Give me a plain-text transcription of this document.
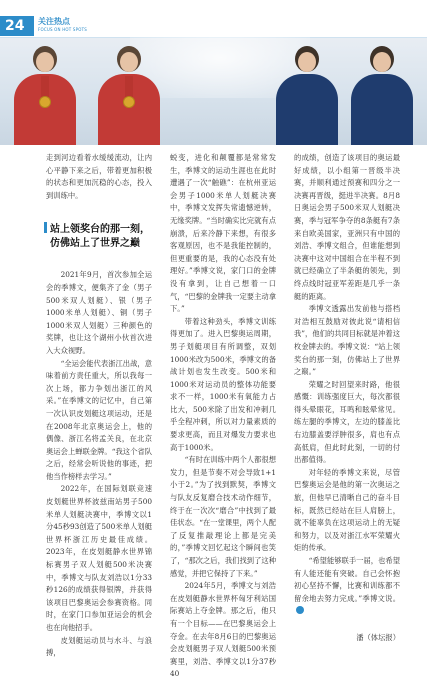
24	关注热点
FOCUS ON HOT SPOTS

走到河边看着水缓缓流动，让内心平静下来之后，带着更加积极的状态和更加沉稳的心态，投入到训练中。

站上领奖台的那一刻，
仿佛站上了世界之巅

2021年9月，首次参加全运会的季博文，便集齐了金（男子500米双人划艇）、银（男子1000米单人划艇）、铜（男子1000米双人划艇）三种颜色的奖牌，也让这个湖州小伙首次进入大众视野。

“全运会能代表浙江出战，意味着前方责任重大，所以我每一次上场，都力争划出浙江的风采。”在季博文的记忆中，自己第一次认识皮划艇这项运动，还是在2008年北京奥运会上，他的偶像、浙江名将孟关良，在北京奥运会上蝉联金牌。“我这个省队之后，经常会听说他的事迹，把他当作榜样去学习。”

2022年，在国际划联竞速皮划艇世界杯波兹南站男子500米单人划艇决赛中，季博文以1分45秒93创造了500米单人划艇世界杯浙江历史最佳成绩。2023年，在皮划艇静水世界锦标赛男子双人划艇500米决赛中，季博文与队友刘浩以1分33秒126的成绩获得银牌，并获得该项目巴黎奥运会参赛资格。同时，在家门口参加亚运会的机会也在向他招手。

皮划艇运动员与水斗、与浪搏，

蜕变，进化和颠覆都是常常发生，季博文的运动生涯也在此时遭遇了一次“触礁”：在杭州亚运会男子1000米单人划艇决赛中，季博文发挥失常遗憾逆转，无缘奖牌。“当时确实比完就有点崩溃，后来冷静下来想，有很多客观原因，也不是我能控制的，但更重要的是，我的心态没有处理好。”季博文说，家门口的金牌没有拿到，让自己想着一口气，“巴黎的金牌我一定要主动拿下。”

带着这种劲头，季博文训练得更加了。进入巴黎奥运周期，男子划艇项目有所调整，双划1000米改为500米，季博文的备战计划也发生改变。500米和1000米对运动员的整体功能要求不一样，1000米有氧能力占比大，500米除了出发和冲刺几乎全程冲刺，所以对力量素质的要求更高，而且对爆发力要求也高于1000米。

“有时在训练中两个人都很想发力，但是节奏不对会导致1+1小于2。”为了找到默契，季博文与队友反复磨合技术动作细节，终于在一次次“磨合”中找到了最佳状态。“在一堂课里，两个人配了反复推敲理论上都是完美的，”季博文回忆起这个瞬间也笑了，“那次之后，我们找到了这种感觉，并把它保持了下来。”

2024年5月，季博文与刘浩在皮划艇静水世界杯匈牙利站国际赛站上夺金牌。那之后，他只有一个目标——在巴黎奥运会上夺金。在去年8月6日的巴黎奥运会皮划艇男子双人划艇500米预赛里，刘浩、季博文以1分37秒40

的成绩，创造了该项目的奥运最好成绩，以小组第一晋级半决赛，并顺利通过预赛和四分之一决赛再晋级，挺进半决赛。8月8日奥运会男子500米双人划艇决赛，季与冠军争夺的8条艇有7条来自欧美国家，亚洲只有中国的刘浩、季博文组合，但谁能想到决赛中这对中国组合在半程不到就已经确立了半条艇的领先，到终点线时冠亚军差距是几乎一条艇的距离。

季博文透露出发前他与搭档对浩相互鼓励对彼此说“请相信我”，他们的共同目标就是冲着这枚金牌去的。季博文说：“站上领奖台的那一刻，仿佛站上了世界之巅。”

荣耀之时回望来时路，他很感慨：训练强度巨大，每次都很得头晕眼花，耳鸣和眩晕常见。练左腿的季博文，左边的膝盖比右边膝盖要浮肿很多，肩也有点高低肩，但此时此刻，一切的付出都值得。

对年轻的季博文来说，尽管巴黎奥运会是他的第一次奥运之旅，但他早已清晰自己的奋斗目标，既然已经站在巨人肩膀上，就不能辜负在这项运动上的无疑和努力，以及对浙江水军荣耀火炬的传承。

“希望能够联手一届，也希望有人能还能有突破。自己会怀抱初心坚持不懈，比赛和训练都不留余地去努力完成。”季博文说。

潘（体坛报）
